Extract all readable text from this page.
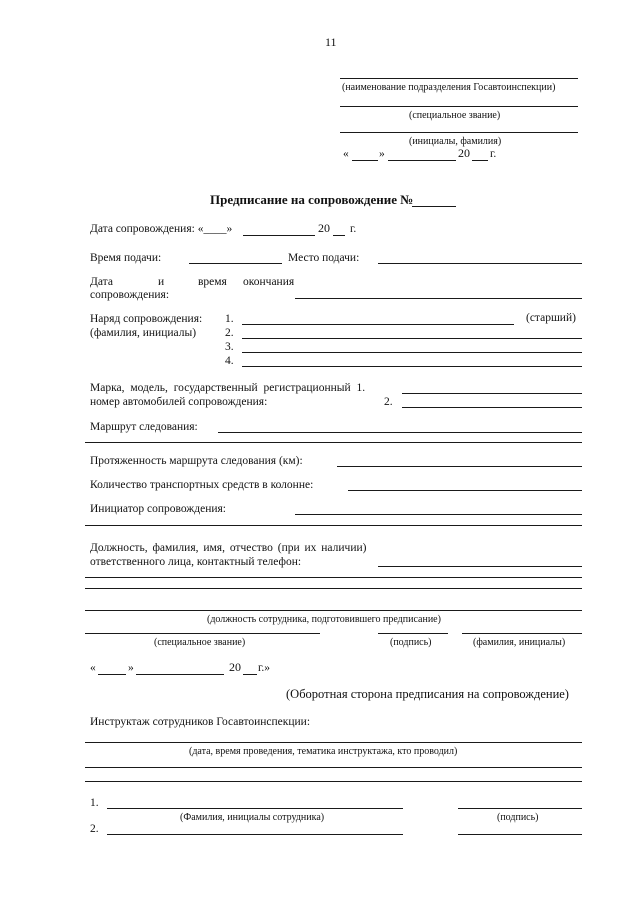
11
(наименование подразделения Госавтоинспекции)
(специальное звание)
(инициалы, фамилия)
«	»	20 г.
Предписание на сопровождение №
Дата сопровождения: «____»	20 г.
Время подачи:	Место подачи:
Дата	и	время окончания
сопровождения:
Наряд сопровождения:
(фамилия, инициалы)
1.	(старший)
2.
3.
4.
Марка, модель, государственный регистрационный 1.
номер автомобилей сопровождения:	2.
Маршрут следования:
Протяженность маршрута следования (км):
Количество транспортных средств в колонне:
Инициатор сопровождения:
Должность, фамилия, имя, отчество (при их наличии)
ответственного лица, контактный телефон:
(должность сотрудника, подготовившего предписание)
(специальное звание)	(подпись)	(фамилия, инициалы)
«	»	20 г.»
(Оборотная сторона предписания на сопровождение)
Инструктаж сотрудников Госавтоинспекции:
(дата, время проведения, тематика инструктажа, кто проводил)
1.
(Фамилия, инициалы сотрудника)	(подпись)
2.
